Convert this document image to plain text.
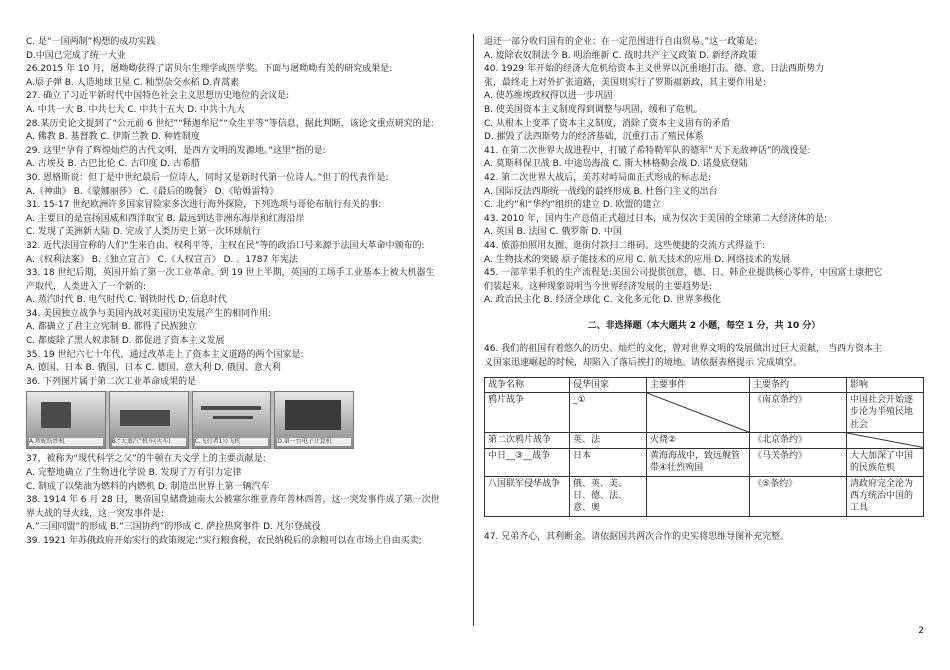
C. 是“一国两制”构想的成功实践
D.中国已完成了统一大业
26.2015 年 10 月，屠呦呦获得了诺贝尔生理学或医学奖。下面与屠呦呦有关的研究成果是:
A.原子弹 B. 人造地球卫星 C. 籼型杂交水稻 D.青蒿素
27. 确立了习近平新时代中国特色社会主义思想历史地位的会议是:
A. 中共一大 B. 中共七大 C. 中共十五大 D. 中共十九大
28.某历史论文提到了“公元前 6 世纪”“释迦牟尼”“众生平等”等信息，据此判断，该论文重点研究的是:
A. 佛教 B. 基督教 C. 伊斯兰教 D. 种姓制度
29. 这里“孕育了辉煌灿烂的古代文明，是西方文明的发源地。”这里”指的是:
A. 古埃及 B. 古巴比伦 C. 古印度 D. 古希腊
30. 恩格斯说：但丁是中世纪最后一位诗人，同时又是新时代第一位诗人。”但丁的代表作是:
A.《神曲》 B.《蒙娜丽莎》 C.《最后的晚餐》 D.《哈姆雷特》
31. 15-17 世纪欧洲许多国家冒险家多次进行海外探险，下列选项与哥伦布航行有关的事:
A. 主要目的是宣扬国威和西洋取宝 B. 最远到达非洲东海岸和红海沿岸
C. 发现了美洲新大陆 D. 完成了人类历史上第一次环球航行
32. 近代法国宣称的人们“生来自由、权利平等，主权在民”等的政治口号来源于法国大革命中颁布的:
A.《权利法案》 B.《独立宣言》 C.《人权宣言》 D. 。1787 年宪法
33. 18 世纪后期，英国开始了第一次工业革命。到 19 世上半期，英国的工场手工业基本上被大机器生
产取代，人类进入了一个新的:
A. 蒸汽时代 B. 电气时代 C. 钢铁时代 D. 信息时代
34. 美国独立战争与美国内战对美国历史发展产生的相同作用:
A. 都确立了君主立宪制 B. 都得了民族独立
C. 都废除了黑人奴隶制 D. 都促进了资本主义发展
35. 19 世纪六七十年代，通过改革走上了资本主义道路的两个国家是:
A. 德国、日本 B. 俄国、日本 C. 德国、意大利 D. 俄国、意大利
36. 下列图片属于第二次工业革命成果的是
A.珍妮纺纱机	B.“大蒸汽”机车(火车)	C.飞行者1号飞机	D.第一台电子计算机
37，被称为“现代科学之父”的牛顿在天文学上的主要贡献是:
A. 完整地确立了生物进化学说 B. 发现了万有引力定律
C. 制成了以柴油为燃料的内燃机 D. 制造出世界上第一辆汽车
38. 1914 年 6 月 28 日，奥帝国皇储费迪南大公被塞尔维亚青年普林西普，这一突发事件成了第一次世
界大战的导火线，这一突发事件是:
A.”三国同盟”的形成 B.”三国协约”的形成 C. 萨拉热窝事件 D. 凡尔登战役
39. 1921 年苏俄政府开始实行的政策规定:“实行粮食税，农民纳税后的余粮可以在市场上自由买卖;
退还一部分收归国有的企业；在一定范围进行自由贸易。”这一政策是:
A. 废除农奴制法令 B. 明治维新 C. 战时共产主义政策 D. 新经济政策
40. 1929 年开始的经济大危机给资本主义世界以沉重地打击。德、意、日法西斯势力
张，最终走上对外扩张道路，美国则实行了罗斯福新政，其主要作用是:
A. 使苏维埃政权得以进一步巩固
B. 使美国资本主义制度得到调整与巩固，缓和了危机。
C. 从根本上变革了资本主义制度，消除了资本主义固有的矛盾
D. 摧毁了法西斯势力的经济基础，沉重打击了殖民体系
41. 在第二次世界大战进程中，打破了希特勒军队的德军“天下无敌神话”的战役是:
A. 莫斯科保卫战 B. 中途岛海战 C. 斯大林格勒会战 D. 诺曼底登陆
42. 第二次世界大战后，美苏对峙局面正式形成的标志是:
A. 国际反法西斯统一战线的最终形成 B. 杜鲁门主义的出台
C. 北约”和“华约”组织的建立 D. 欧盟的建立
43. 2010 年，国内生产总值正式超过日本，成为仅次于美国的全球第二大经济体的是:
A. 英国 B. 法国 C. 俄罗斯 D. 中国
44. 旅游拍照用友圈、逛街付款扫二维码。这些便捷的交流方式得益于:
A. 生物技术的突破 原子能技术的应用 C. 航天技术的应用 D. 网络技术的发展
45. 一部苹果手机的生产流程是:美国公司提供创意，德、日、韩企业提供核心零件，中国富士康把它
们装起来。这种现象说明当今世界经济发展的主要趋势是:
A. 政治民主化 B. 经济全球化 C. 文化多元化 D. 世界多极化
二、非选择题（本大题共 2 小题，每空 1 分，共 10 分）
46. 我们的祖国有着悠久的历史、灿烂的文化，曾对世界文明的发展做出过巨大贡献， 当西方资本主
义国家迅速崛起的时候，却陷入了落后挨打的境地。请依据表格提示 完成填空。
战争名称	侵华国家	主要事件	主要条约	影响
鸦片战争	_①		《南京条约》	中国社会开始逐步沦为半殖民地社会
第二次鸦片战争	英、法	火烧②	《北京条约》	

中日__③__战争	日本	黄海海战中，致远舰管带④壮烈殉国	《马关条约》	大大加深了中国的民族危机
八国联军侵华战争	俄、英、美、日、德、法、意、奥		《⑤条约》	清政府完全沦为西方统治中国的工具
47. 兄弟齐心，其利断金。请依据国共两次合作的史实将思维导图补充完整。
2
